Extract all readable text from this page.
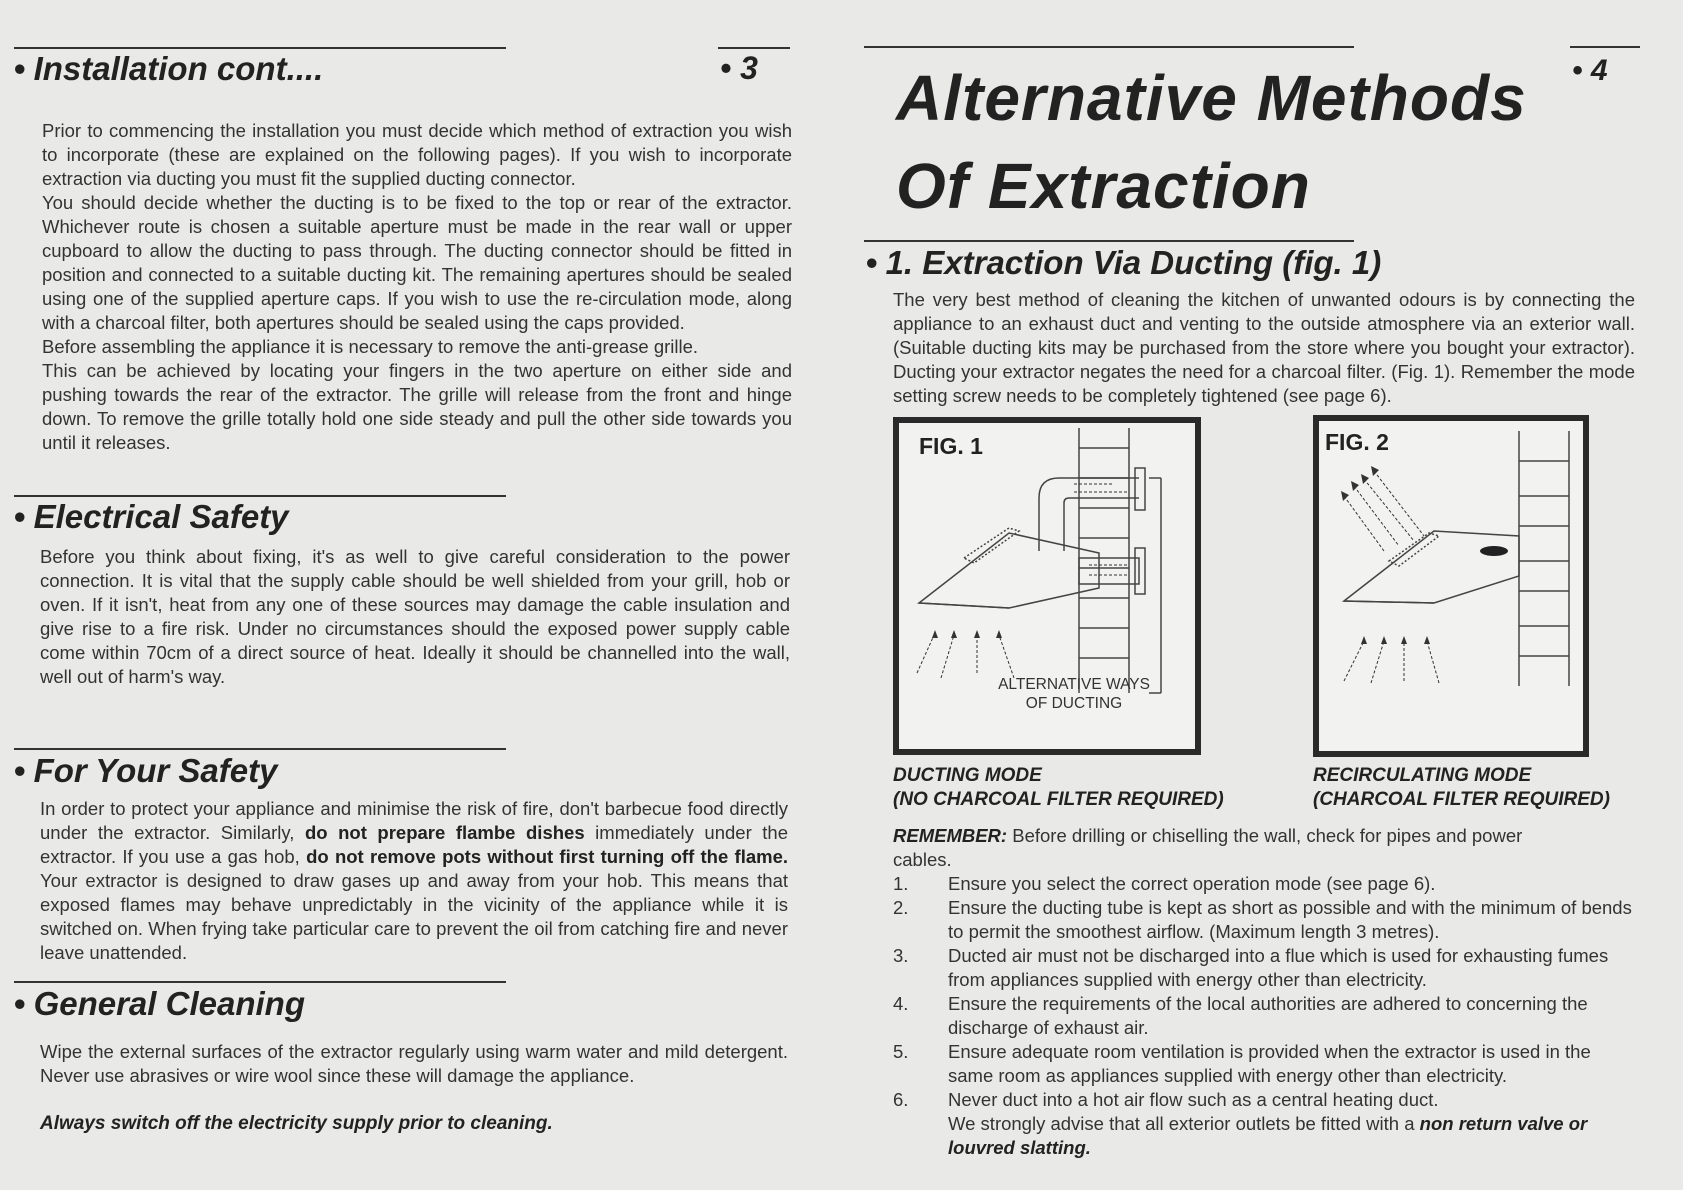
• Installation cont....	• 3

Prior to commencing the installation you must decide which method of extraction you wish to incorporate (these are explained on the following pages). If you wish to incorporate extraction via ducting you must fit the supplied ducting connector.

You should decide whether the ducting is to be fixed to the top or rear of the extractor. Whichever route is chosen a suitable aperture must be made in the rear wall or upper cupboard to allow the ducting to pass through. The ducting connector should be fitted in position and connected to a suitable ducting kit. The remaining apertures should be sealed using one of the supplied aperture caps. If you wish to use the re-circulation mode, along with a charcoal filter, both apertures should be sealed using the caps provided.

Before assembling the appliance it is necessary to remove the anti-grease grille.

This can be achieved by locating your fingers in the two aperture on either side and pushing towards the rear of the extractor. The grille will release from the front and hinge down. To remove the grille totally hold one side steady and pull the other side towards you until it releases.

• Electrical Safety
Before you think about fixing, it's as well to give careful consideration to the power connection. It is vital that the supply cable should be well shielded from your grill, hob or oven. If it isn't, heat from any one of these sources may damage the cable insulation and give rise to a fire risk. Under no circumstances should the exposed power supply cable come within 70cm of a direct source of heat. Ideally it should be channelled into the wall, well out of harm's way.
• For Your Safety
In order to protect your appliance and minimise the risk of fire, don't barbecue food directly under the extractor. Similarly, do not prepare flambe dishes immediately under the extractor. If you use a gas hob, do not remove pots without first turning off the flame. Your extractor is designed to draw gases up and away from your hob. This means that exposed flames may behave unpredictably in the vicinity of the appliance while it is switched on. When frying take particular care to prevent the oil from catching fire and never leave unattended.
• General Cleaning
Wipe the external surfaces of the extractor regularly using warm water and mild detergent. Never use abrasives or wire wool since these will damage the appliance.
Always switch off the electricity supply prior to cleaning.
Alternative Methods
Of Extraction
• 4
• 1. Extraction Via Ducting (fig. 1)
The very best method of cleaning the kitchen of unwanted odours is by connecting the appliance to an exhaust duct and venting to the outside atmosphere via an exterior wall. (Suitable ducting kits may be purchased from the store where you bought your extractor). Ducting your extractor negates the need for a charcoal filter. (Fig. 1). Remember the mode setting screw needs to be completely tightened (see page 6).
FIG. 1
ALTERNATIVE WAYS
OF DUCTING
FIG. 2
DUCTING MODE
(NO CHARCOAL FILTER REQUIRED)
RECIRCULATING MODE
(CHARCOAL FILTER REQUIRED)
REMEMBER: Before drilling or chiselling the wall, check for pipes and power cables.
1.	Ensure you select the correct operation mode (see page 6).
2.	Ensure the ducting tube is kept as short as possible and with the minimum of bends to permit the smoothest airflow. (Maximum length 3 metres).
3.	Ducted air must not be discharged into a flue which is used for exhausting fumes from appliances supplied with energy other than electricity.
4.	Ensure the requirements of the local authorities are adhered to concerning the discharge of exhaust air.
5.	Ensure adequate room ventilation is provided when the extractor is used in the same room as appliances supplied with energy other than electricity.
6.	Never duct into a hot air flow such as a central heating duct.
We strongly advise that all exterior outlets be fitted with a non return valve or louvred slatting.
